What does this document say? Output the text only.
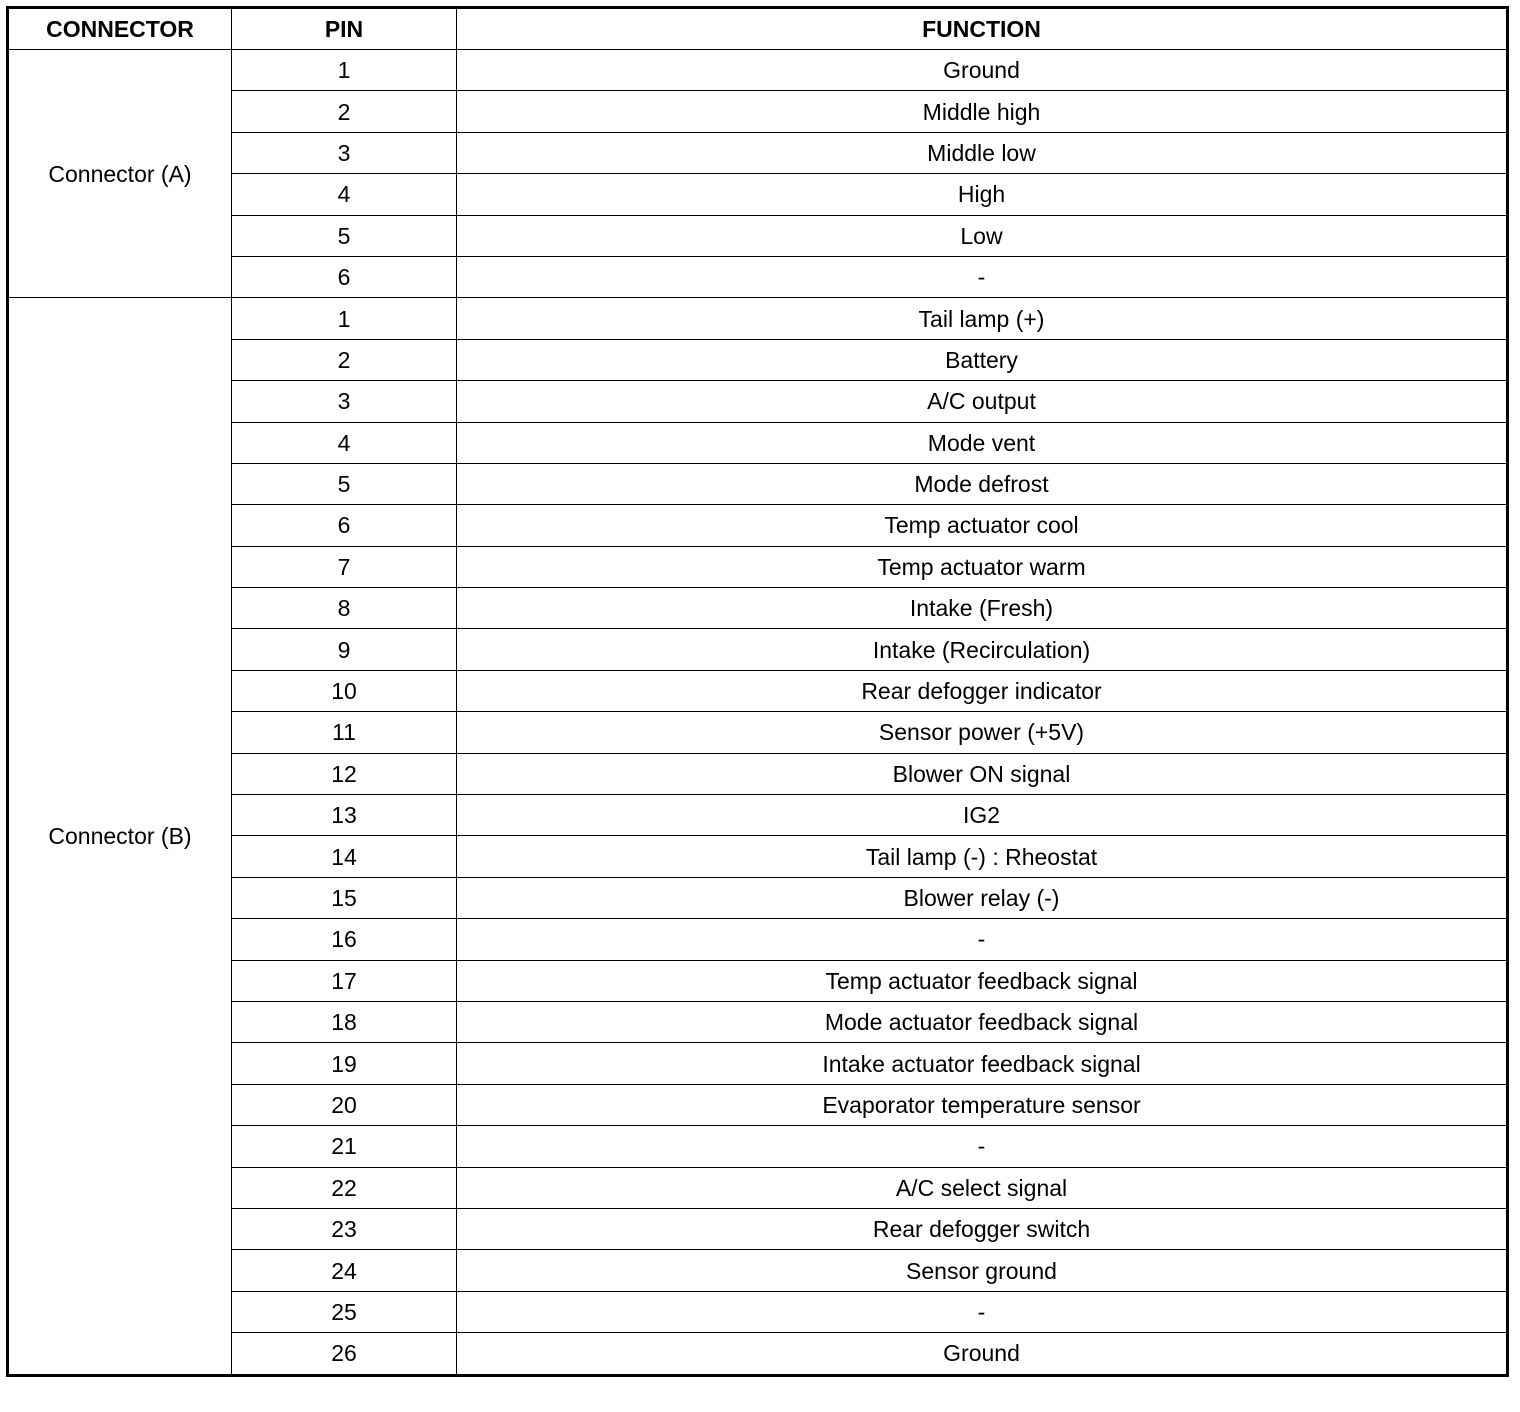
CONNECTOR	PIN	FUNCTION
Connector (A)	1	Ground
	2	Middle high
	3	Middle low
	4	High
	5	Low
	6	-
Connector (B)	1	Tail lamp (+)
	2	Battery
	3	A/C output
	4	Mode vent
	5	Mode defrost
	6	Temp actuator cool
	7	Temp actuator warm
	8	Intake (Fresh)
	9	Intake (Recirculation)
	10	Rear defogger indicator
	11	Sensor power (+5V)
	12	Blower ON signal
	13	IG2
	14	Tail lamp (-) : Rheostat
	15	Blower relay (-)
	16	-
	17	Temp actuator feedback signal
	18	Mode actuator feedback signal
	19	Intake actuator feedback signal
	20	Evaporator temperature sensor
	21	-
	22	A/C select signal
	23	Rear defogger switch
	24	Sensor ground
	25	-
	26	Ground
